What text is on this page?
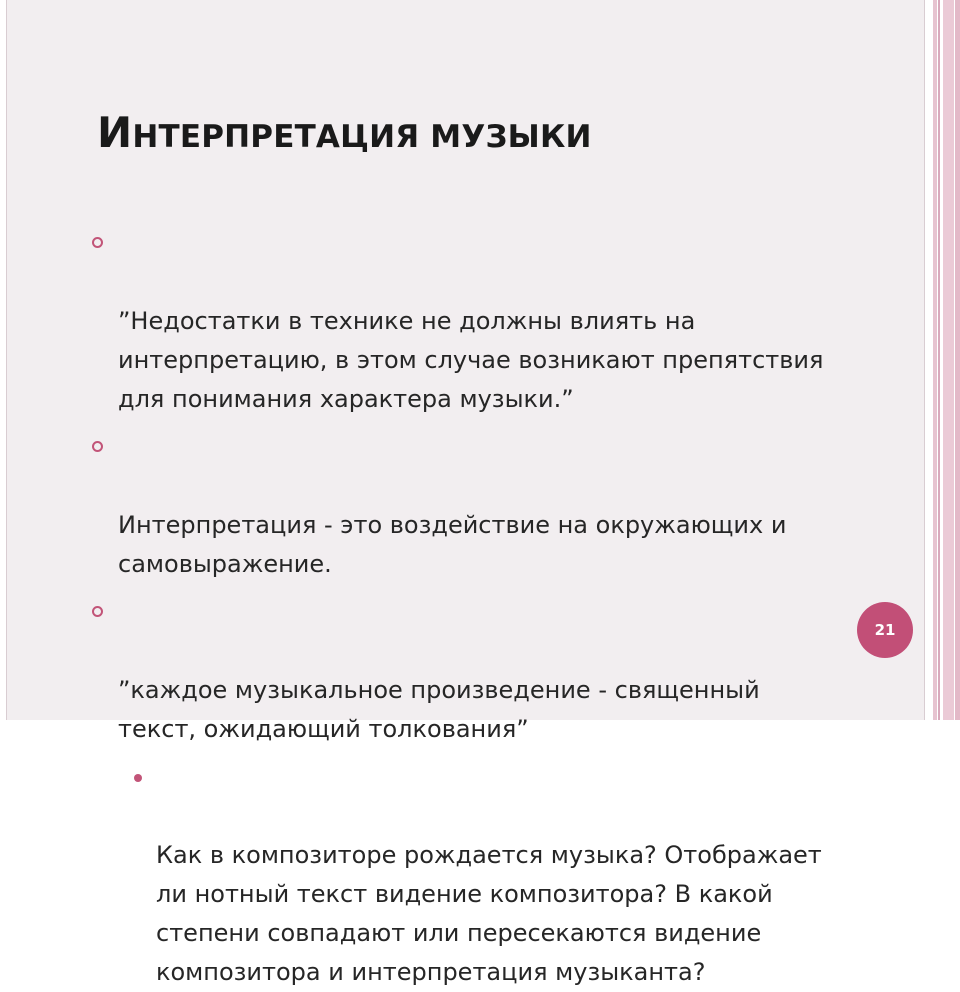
ИНТЕРПРЕТАЦИЯ МУЗЫКИ

”Недостатки в технике не должны влиять на
интерпретацию, в этом случае возникают препятствия
для понимания характера музыки.”

Интерпретация - это воздействие на окружающих и
самовыражение.

”каждое музыкальное произведение - священный
текст, ожидающий толкования”

Как в композиторе рождается музыка? Отображает
ли нотный текст видение композитора? В какой
степени совпадают или пересекаются видение
композитора и интерпретация музыканта?

21
